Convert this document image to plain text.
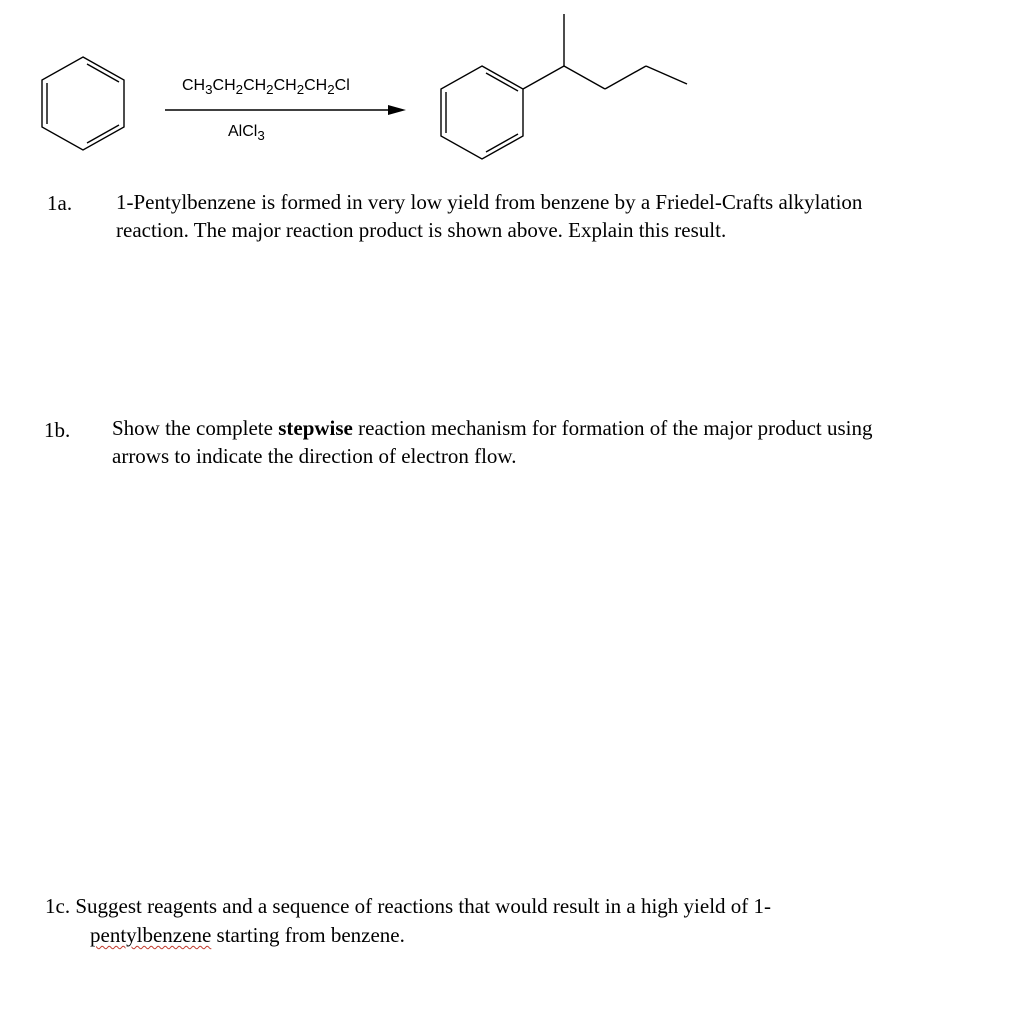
$CH_3CH_2CH_2CH_2CH_2Cl$
AlCl$_3$
1a. 1-Pentylbenzene is formed in very low yield from benzene by a Friedel-Crafts alkylation reaction. The major reaction product is shown above. Explain this result.
1b. Show the complete stepwise reaction mechanism for formation of the major product using arrows to indicate the direction of electron flow.
1c. Suggest reagents and a sequence of reactions that would result in a high yield of 1-
pentylbenzene starting from benzene.
